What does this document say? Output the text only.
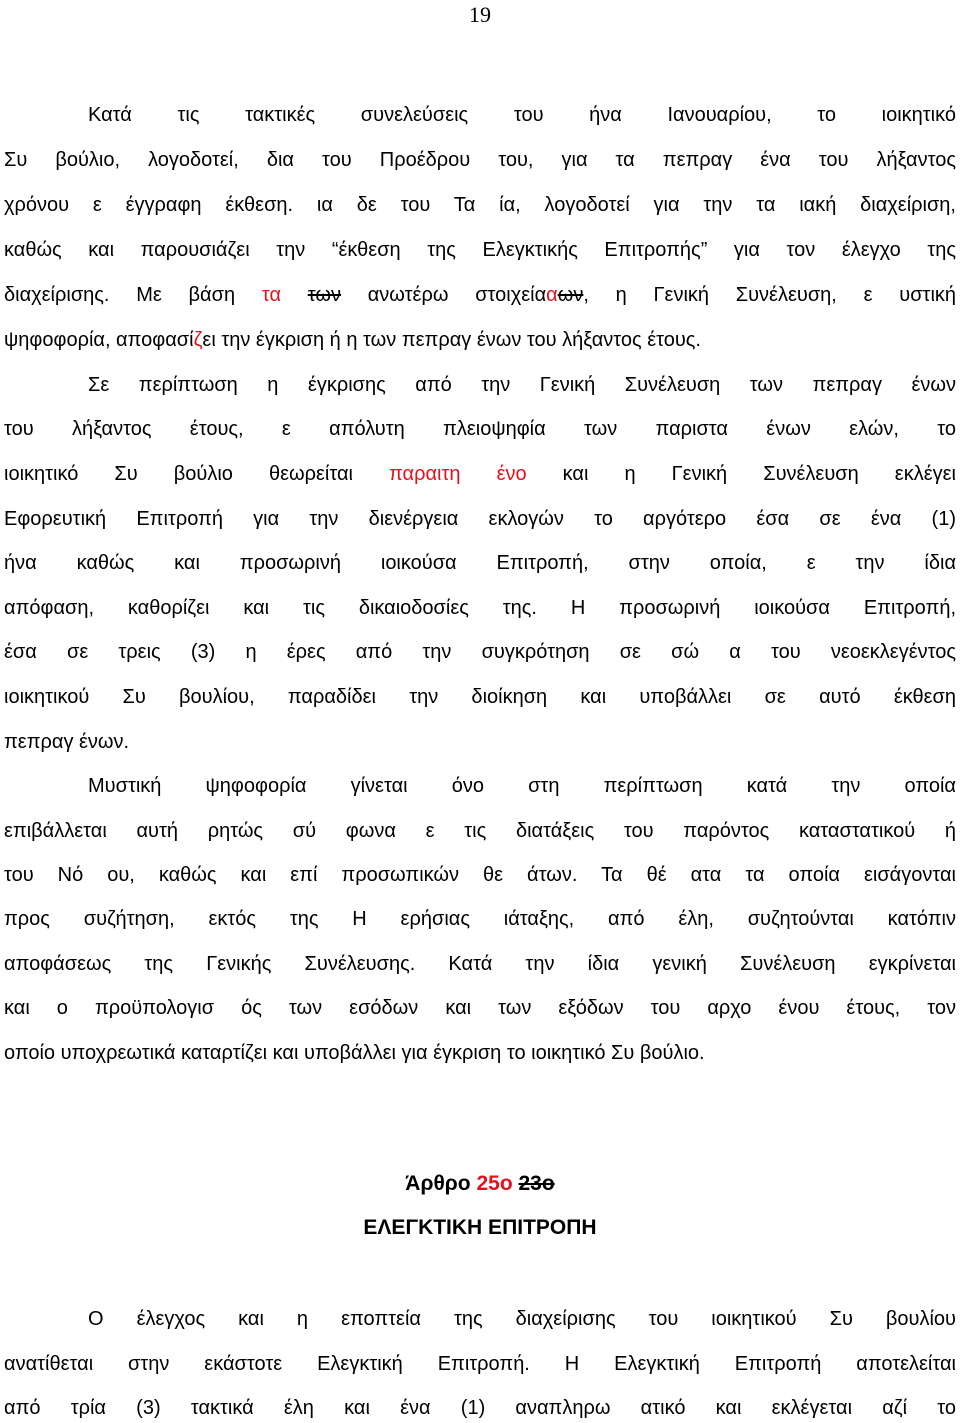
19
Κατά τις τακτικές συνελεύσεις του ήνα Ιανουαρίου, το ιοικητικό
Συ βούλιο, λογοδοτεί, δια του Προέδρου του, για τα πεπραγ ένα του λήξαντος
χρόνου ε έγγραφη έκθεση. ια δε του Τα ία, λογοδοτεί για την τα ιακή διαχείριση,
καθώς και παρουσιάζει την “έκθεση της Ελεγκτικής Επιτροπής” για τον έλεγχο της
διαχείρισης. Με βάση τα των ανωτέρω στοιχείααων, η Γενική Συνέλευση, ε υστική
ψηφοφορία, αποφασίζει την έγκριση ή η των πεπραγ ένων του λήξαντος έτους.
Σε περίπτωση η έγκρισης από την Γενική Συνέλευση των πεπραγ ένων
του λήξαντος έτους, ε απόλυτη πλειοψηφία των παριστα ένων ελών, το
ιοικητικό Συ βούλιο θεωρείται παραιτη ένο και η Γενική Συνέλευση εκλέγει
Εφορευτική Επιτροπή για την διενέργεια εκλογών το αργότερο έσα σε ένα (1)
ήνα καθώς και προσωρινή ιοικούσα Επιτροπή, στην οποία, ε την ίδια
απόφαση, καθορίζει και τις δικαιοδοσίες της. Η προσωρινή ιοικούσα Επιτροπή,
έσα σε τρεις (3) η έρες από την συγκρότηση σε σώ α του νεοεκλεγέντος
ιοικητικού Συ βουλίου, παραδίδει την διοίκηση και υποβάλλει σε αυτό έκθεση
πεπραγ ένων.
Μυστική ψηφοφορία γίνεται όνο στη περίπτωση κατά την οποία
επιβάλλεται αυτή ρητώς σύ φωνα ε τις διατάξεις του παρόντος καταστατικού ή
του Νό ου, καθώς και επί προσωπικών θε άτων. Τα θέ ατα τα οποία εισάγονται
προς συζήτηση, εκτός της Η ερήσιας ιάταξης, από έλη, συζητούνται κατόπιν
αποφάσεως της Γενικής Συνέλευσης. Κατά την ίδια γενική Συνέλευση εγκρίνεται
και ο προϋπολογισ ός των εσόδων και των εξόδων του αρχο ένου έτους, τον
οποίο υποχρεωτικά καταρτίζει και υποβάλλει για έγκριση το ιοικητικό Συ βούλιο.
Άρθρο 25ο 23ο
ΕΛΕΓΚΤΙΚΗ ΕΠΙΤΡΟΠΗ
Ο έλεγχος και η εποπτεία της διαχείρισης του ιοικητικού Συ βουλίου
ανατίθεται στην εκάστοτε Ελεγκτική Επιτροπή. Η Ελεγκτική Επιτροπή αποτελείται
από τρία (3) τακτικά έλη και ένα (1) αναπληρω ατικό και εκλέγεται αζί το
